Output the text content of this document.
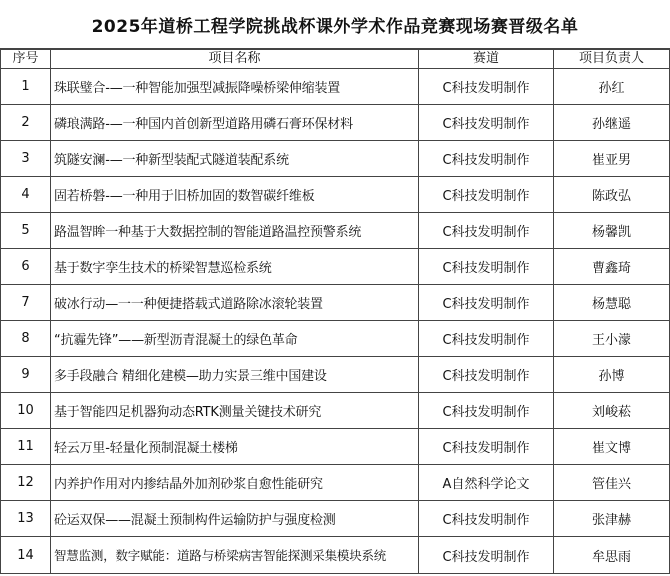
2025年道桥工程学院挑战杯课外学术作品竞赛现场赛晋级名单
序号	项目名称	赛道	项目负责人
1	珠联璧合-—一种智能加强型减振降噪桥梁伸缩装置	C科技发明制作	孙红
2	磷琅满路-—一种国内首创新型道路用磷石膏环保材料	C科技发明制作	孙继遥
3	筑隧安澜-—一种新型装配式隧道装配系统	C科技发明制作	崔亚男
4	固若桥磐-—一种用于旧桥加固的数智碳纤维板	C科技发明制作	陈政弘
5	路温智眸一种基于大数据控制的智能道路温控预警系统	C科技发明制作	杨馨凯
6	基于数字孪生技术的桥梁智慧巡检系统	C科技发明制作	曹鑫琦
7	破冰行动—一一种便捷搭载式道路除冰滚轮装置	C科技发明制作	杨慧聪
8	“抗霾先锋”——新型沥青混凝土的绿色革命	C科技发明制作	王小濛
9	多手段融合 精细化建模—助力实景三维中国建设	C科技发明制作	孙博
10	基于智能四足机器狗动态RTK测量关键技术研究	C科技发明制作	刘峻菘
11	轻云万里-轻量化预制混凝土楼梯	C科技发明制作	崔文博
12	内养护作用对内掺结晶外加剂砂浆自愈性能研究	A自然科学论文	管佳兴
13	砼运双保——混凝土预制构件运输防护与强度检测	C科技发明制作	张津赫
14	智慧监测，数字赋能：道路与桥梁病害智能探测采集模块系统	C科技发明制作	牟思雨
